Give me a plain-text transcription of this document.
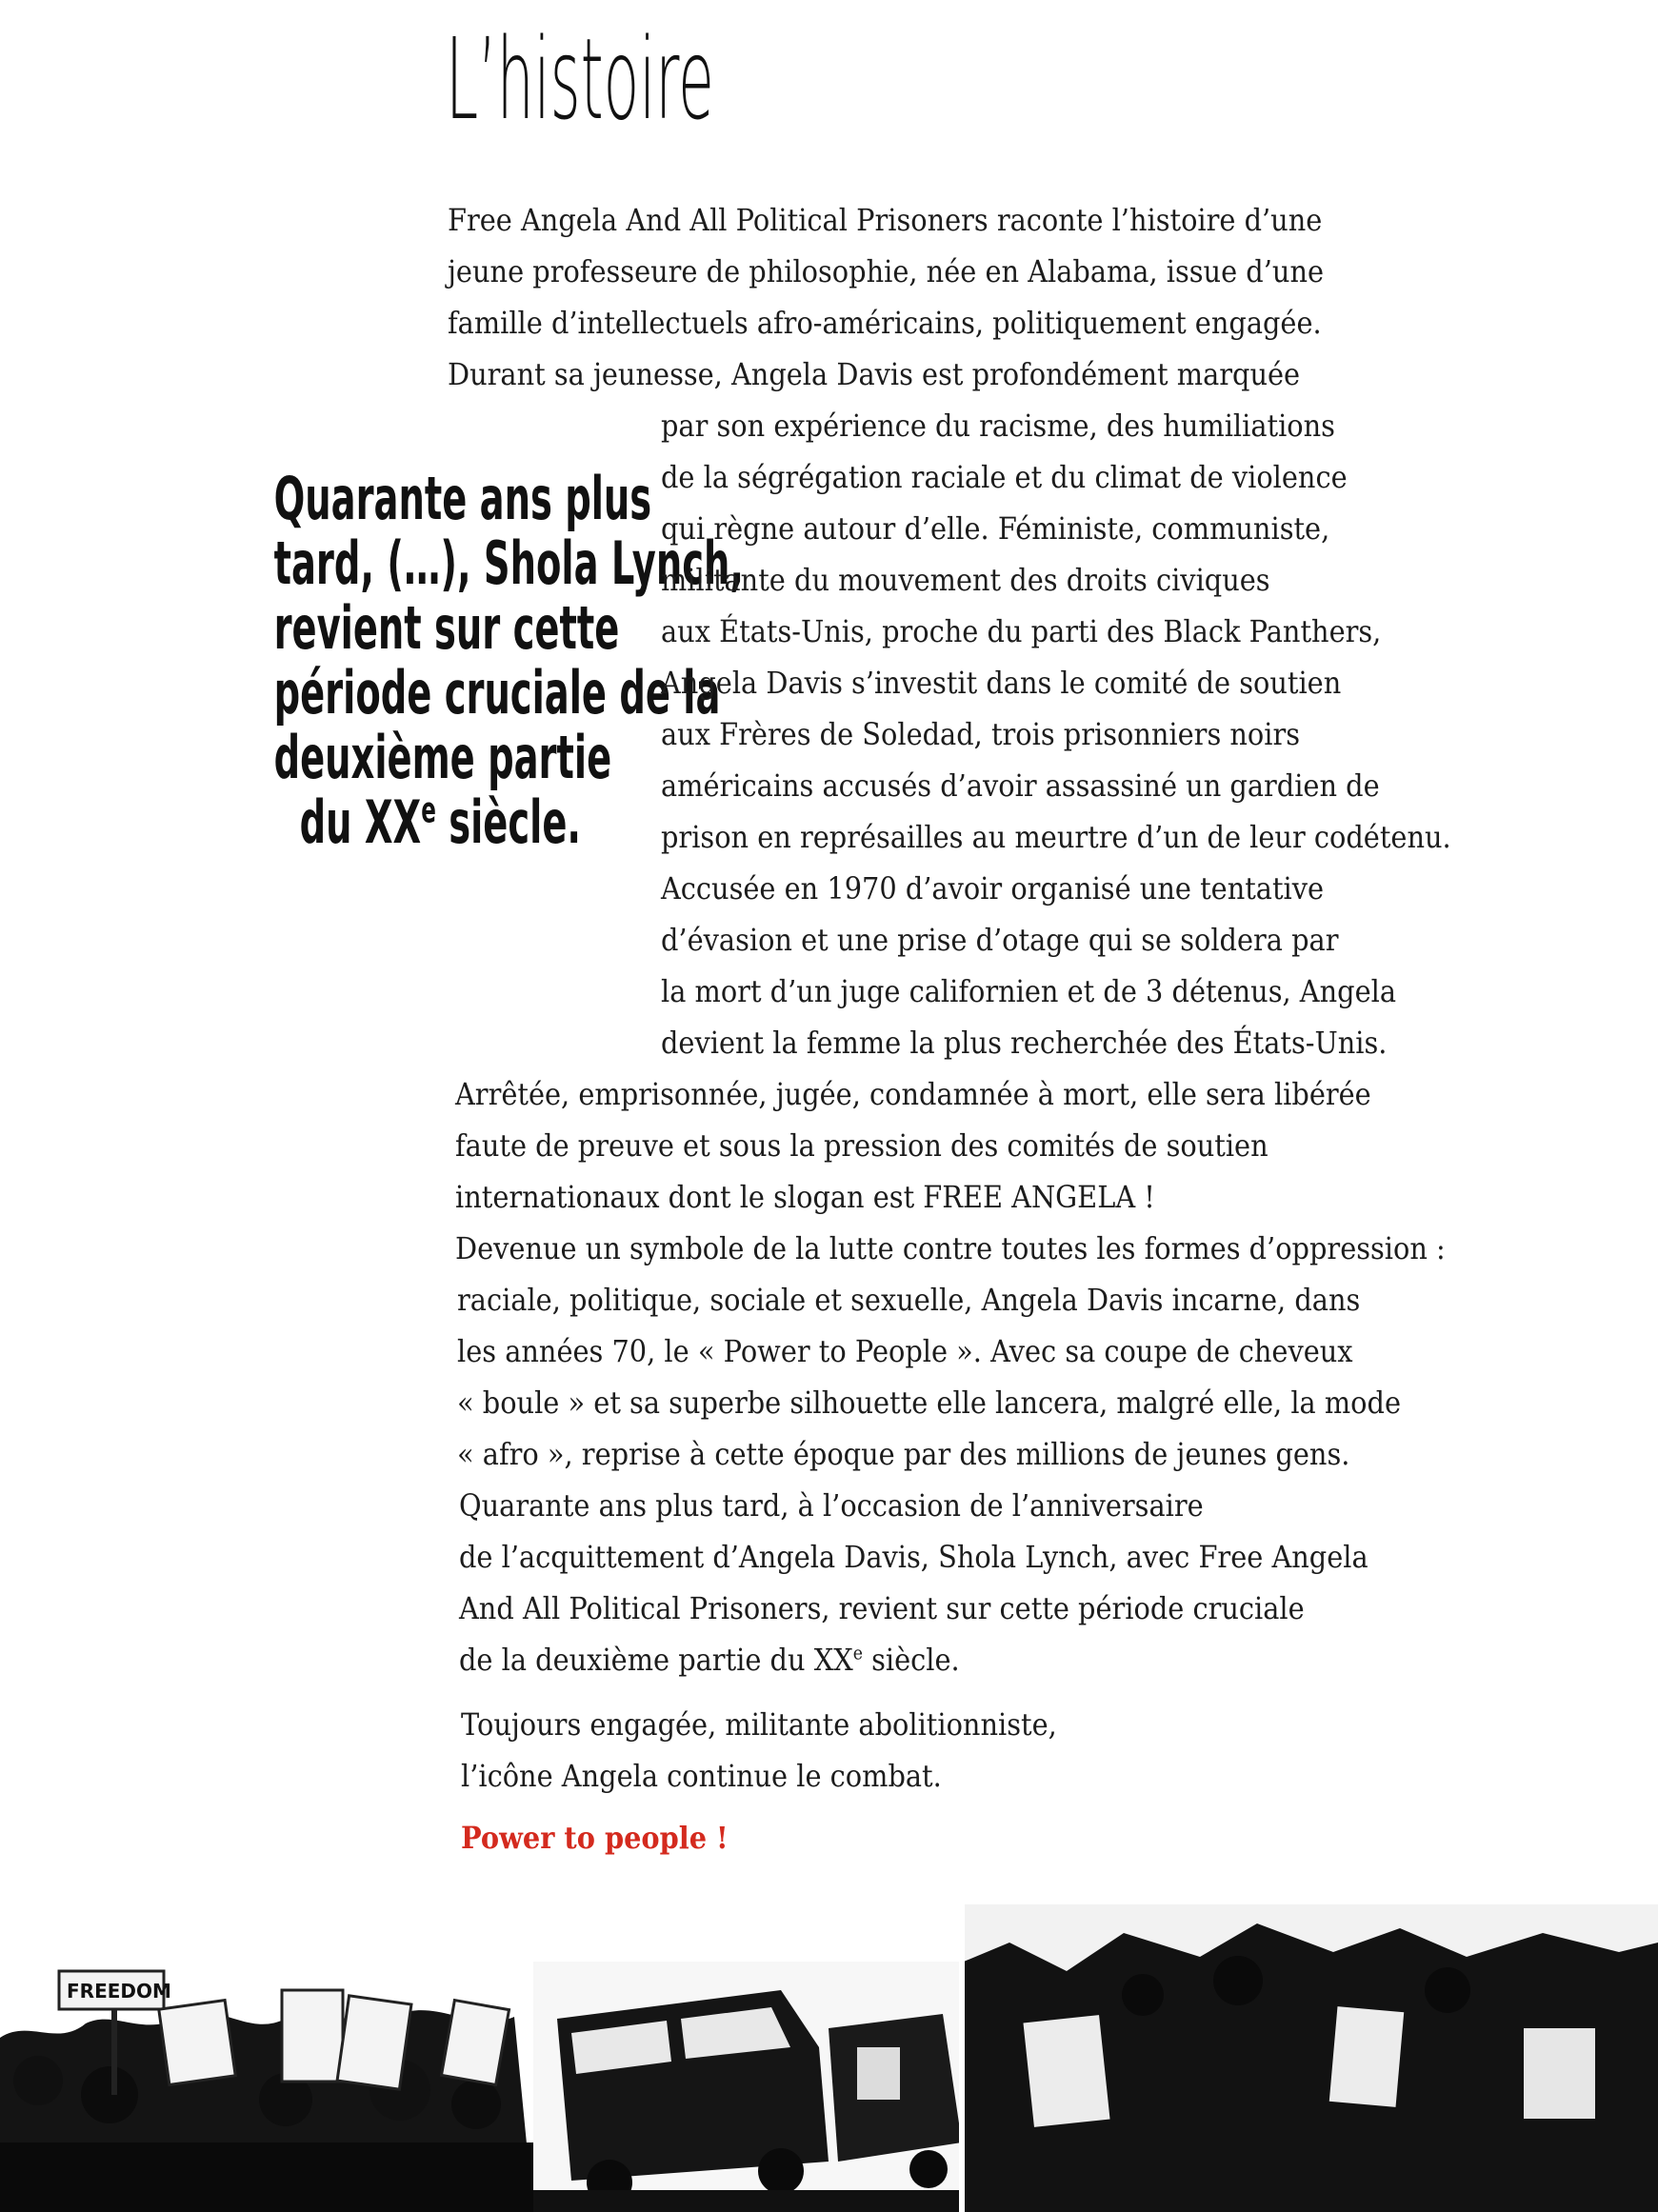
L’histoire
Quarante ans plus
tard, (…), Shola Lynch,
revient sur cette
période cruciale de la
deuxième partie
du XXe siècle.
Free Angela And All Political Prisoners raconte l’histoire d’une
jeune professeure de philosophie, née en Alabama, issue d’une
famille d’intellectuels afro-américains, politiquement engagée.
Durant sa jeunesse, Angela Davis est profondément marquée
par son expérience du racisme, des humiliations
de la ségrégation raciale et du climat de violence
qui règne autour d’elle. Féministe, communiste,
militante du mouvement des droits civiques
aux États-Unis, proche du parti des Black Panthers,
Angela Davis s’investit dans le comité de soutien
aux Frères de Soledad, trois prisonniers noirs
américains accusés d’avoir assassiné un gardien de
prison en représailles au meurtre d’un de leur codétenu.
Accusée en 1970 d’avoir organisé une tentative
d’évasion et une prise d’otage qui se soldera par
la mort d’un juge californien et de 3 détenus, Angela
devient la femme la plus recherchée des États-Unis.
Arrêtée, emprisonnée, jugée, condamnée à mort, elle sera libérée
faute de preuve et sous la pression des comités de soutien
internationaux dont le slogan est FREE ANGELA !
Devenue un symbole de la lutte contre toutes les formes d’oppression :
raciale, politique, sociale et sexuelle, Angela Davis incarne, dans
les années 70, le « Power to People ». Avec sa coupe de cheveux
« boule » et sa superbe silhouette elle lancera, malgré elle, la mode
« afro », reprise à cette époque par des millions de jeunes gens.
Quarante ans plus tard, à l’occasion de l’anniversaire
de l’acquittement d’Angela Davis, Shola Lynch, avec Free Angela
And All Political Prisoners, revient sur cette période cruciale
de la deuxième partie du XXe siècle.
Toujours engagée, militante abolitionniste,
l’icône Angela continue le combat.
Power to people !
FREEDOM
